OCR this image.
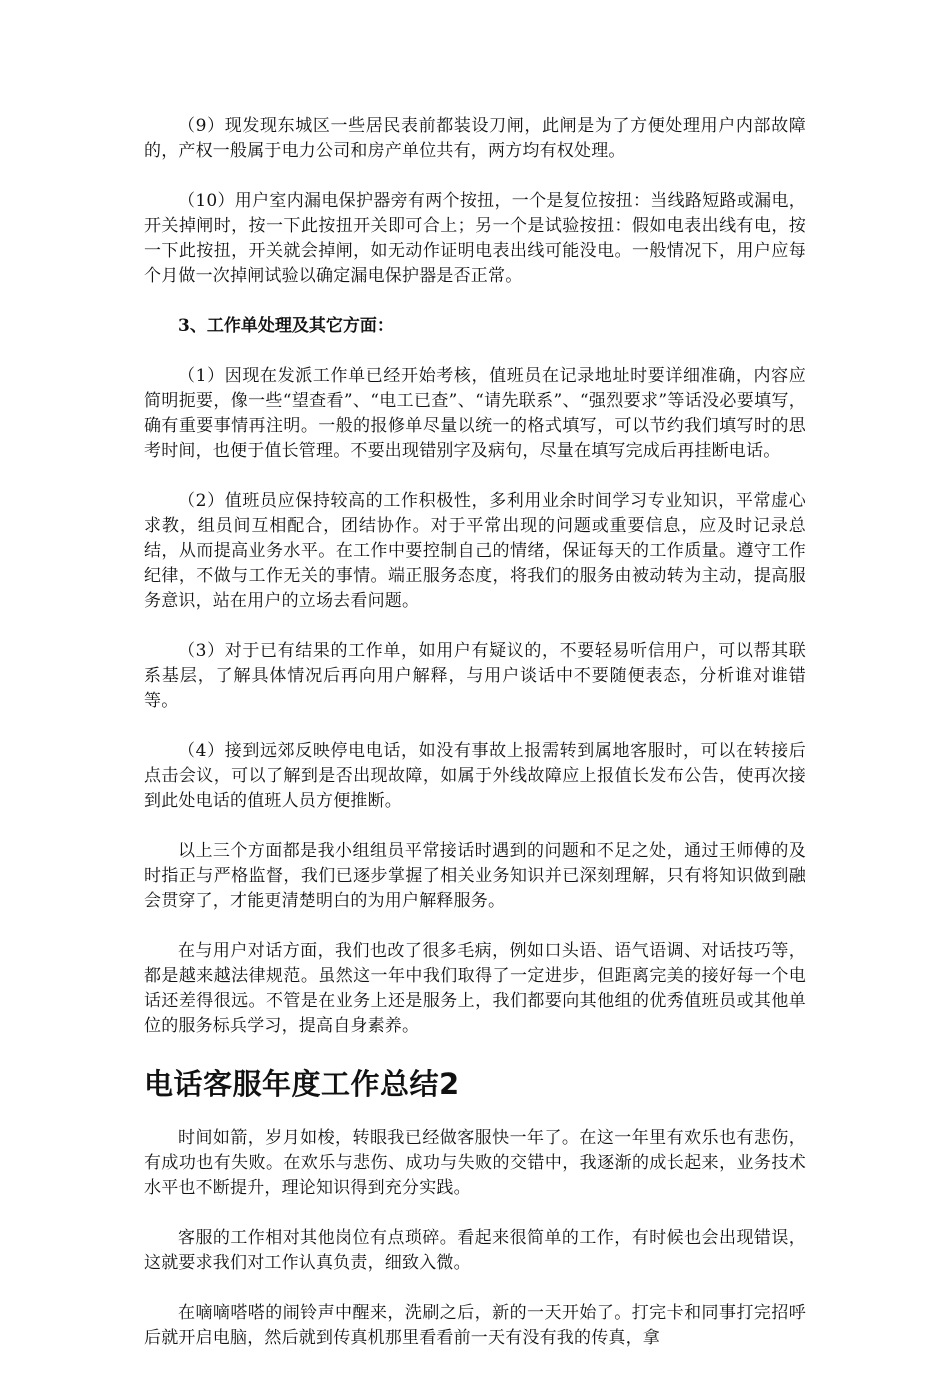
（9）现发现东城区一些居民表前都装设刀闸，此闸是为了方便处理用户内部故障的，产权一般属于电力公司和房产单位共有，两方均有权处理。

（10）用户室内漏电保护器旁有两个按扭，一个是复位按扭：当线路短路或漏电，开关掉闸时，按一下此按扭开关即可合上；另一个是试验按扭：假如电表出线有电，按一下此按扭，开关就会掉闸，如无动作证明电表出线可能没电。一般情况下，用户应每个月做一次掉闸试验以确定漏电保护器是否正常。

3、工作单处理及其它方面：

（1）因现在发派工作单已经开始考核，值班员在记录地址时要详细准确，内容应简明扼要，像一些“望查看”、“电工已查”、“请先联系”、“强烈要求”等话没必要填写，确有重要事情再注明。一般的报修单尽量以统一的格式填写，可以节约我们填写时的思考时间，也便于值长管理。不要出现错别字及病句，尽量在填写完成后再挂断电话。

（2）值班员应保持较高的工作积极性，多利用业余时间学习专业知识，平常虚心求教，组员间互相配合，团结协作。对于平常出现的问题或重要信息，应及时记录总结，从而提高业务水平。在工作中要控制自己的情绪，保证每天的工作质量。遵守工作纪律，不做与工作无关的事情。端正服务态度，将我们的服务由被动转为主动，提高服务意识，站在用户的立场去看问题。

（3）对于已有结果的工作单，如用户有疑议的，不要轻易听信用户，可以帮其联系基层，了解具体情况后再向用户解释，与用户谈话中不要随便表态，分析谁对谁错等。

（4）接到远郊反映停电电话，如没有事故上报需转到属地客服时，可以在转接后点击会议，可以了解到是否出现故障，如属于外线故障应上报值长发布公告，使再次接到此处电话的值班人员方便推断。

以上三个方面都是我小组组员平常接话时遇到的问题和不足之处，通过王师傅的及时指正与严格监督，我们已逐步掌握了相关业务知识并已深刻理解，只有将知识做到融会贯穿了，才能更清楚明白的为用户解释服务。

在与用户对话方面，我们也改了很多毛病，例如口头语、语气语调、对话技巧等，都是越来越法律规范。虽然这一年中我们取得了一定进步，但距离完美的接好每一个电话还差得很远。不管是在业务上还是服务上，我们都要向其他组的优秀值班员或其他单位的服务标兵学习，提高自身素养。

电话客服年度工作总结2

时间如箭，岁月如梭，转眼我已经做客服快一年了。在这一年里有欢乐也有悲伤，有成功也有失败。在欢乐与悲伤、成功与失败的交错中，我逐渐的成长起来，业务技术水平也不断提升，理论知识得到充分实践。

客服的工作相对其他岗位有点琐碎。看起来很简单的工作，有时候也会出现错误，这就要求我们对工作认真负责，细致入微。

在嘀嘀嗒嗒的闹铃声中醒来，洗刷之后，新的一天开始了。打完卡和同事打完招呼后就开启电脑，然后就到传真机那里看看前一天有没有我的传真，拿
